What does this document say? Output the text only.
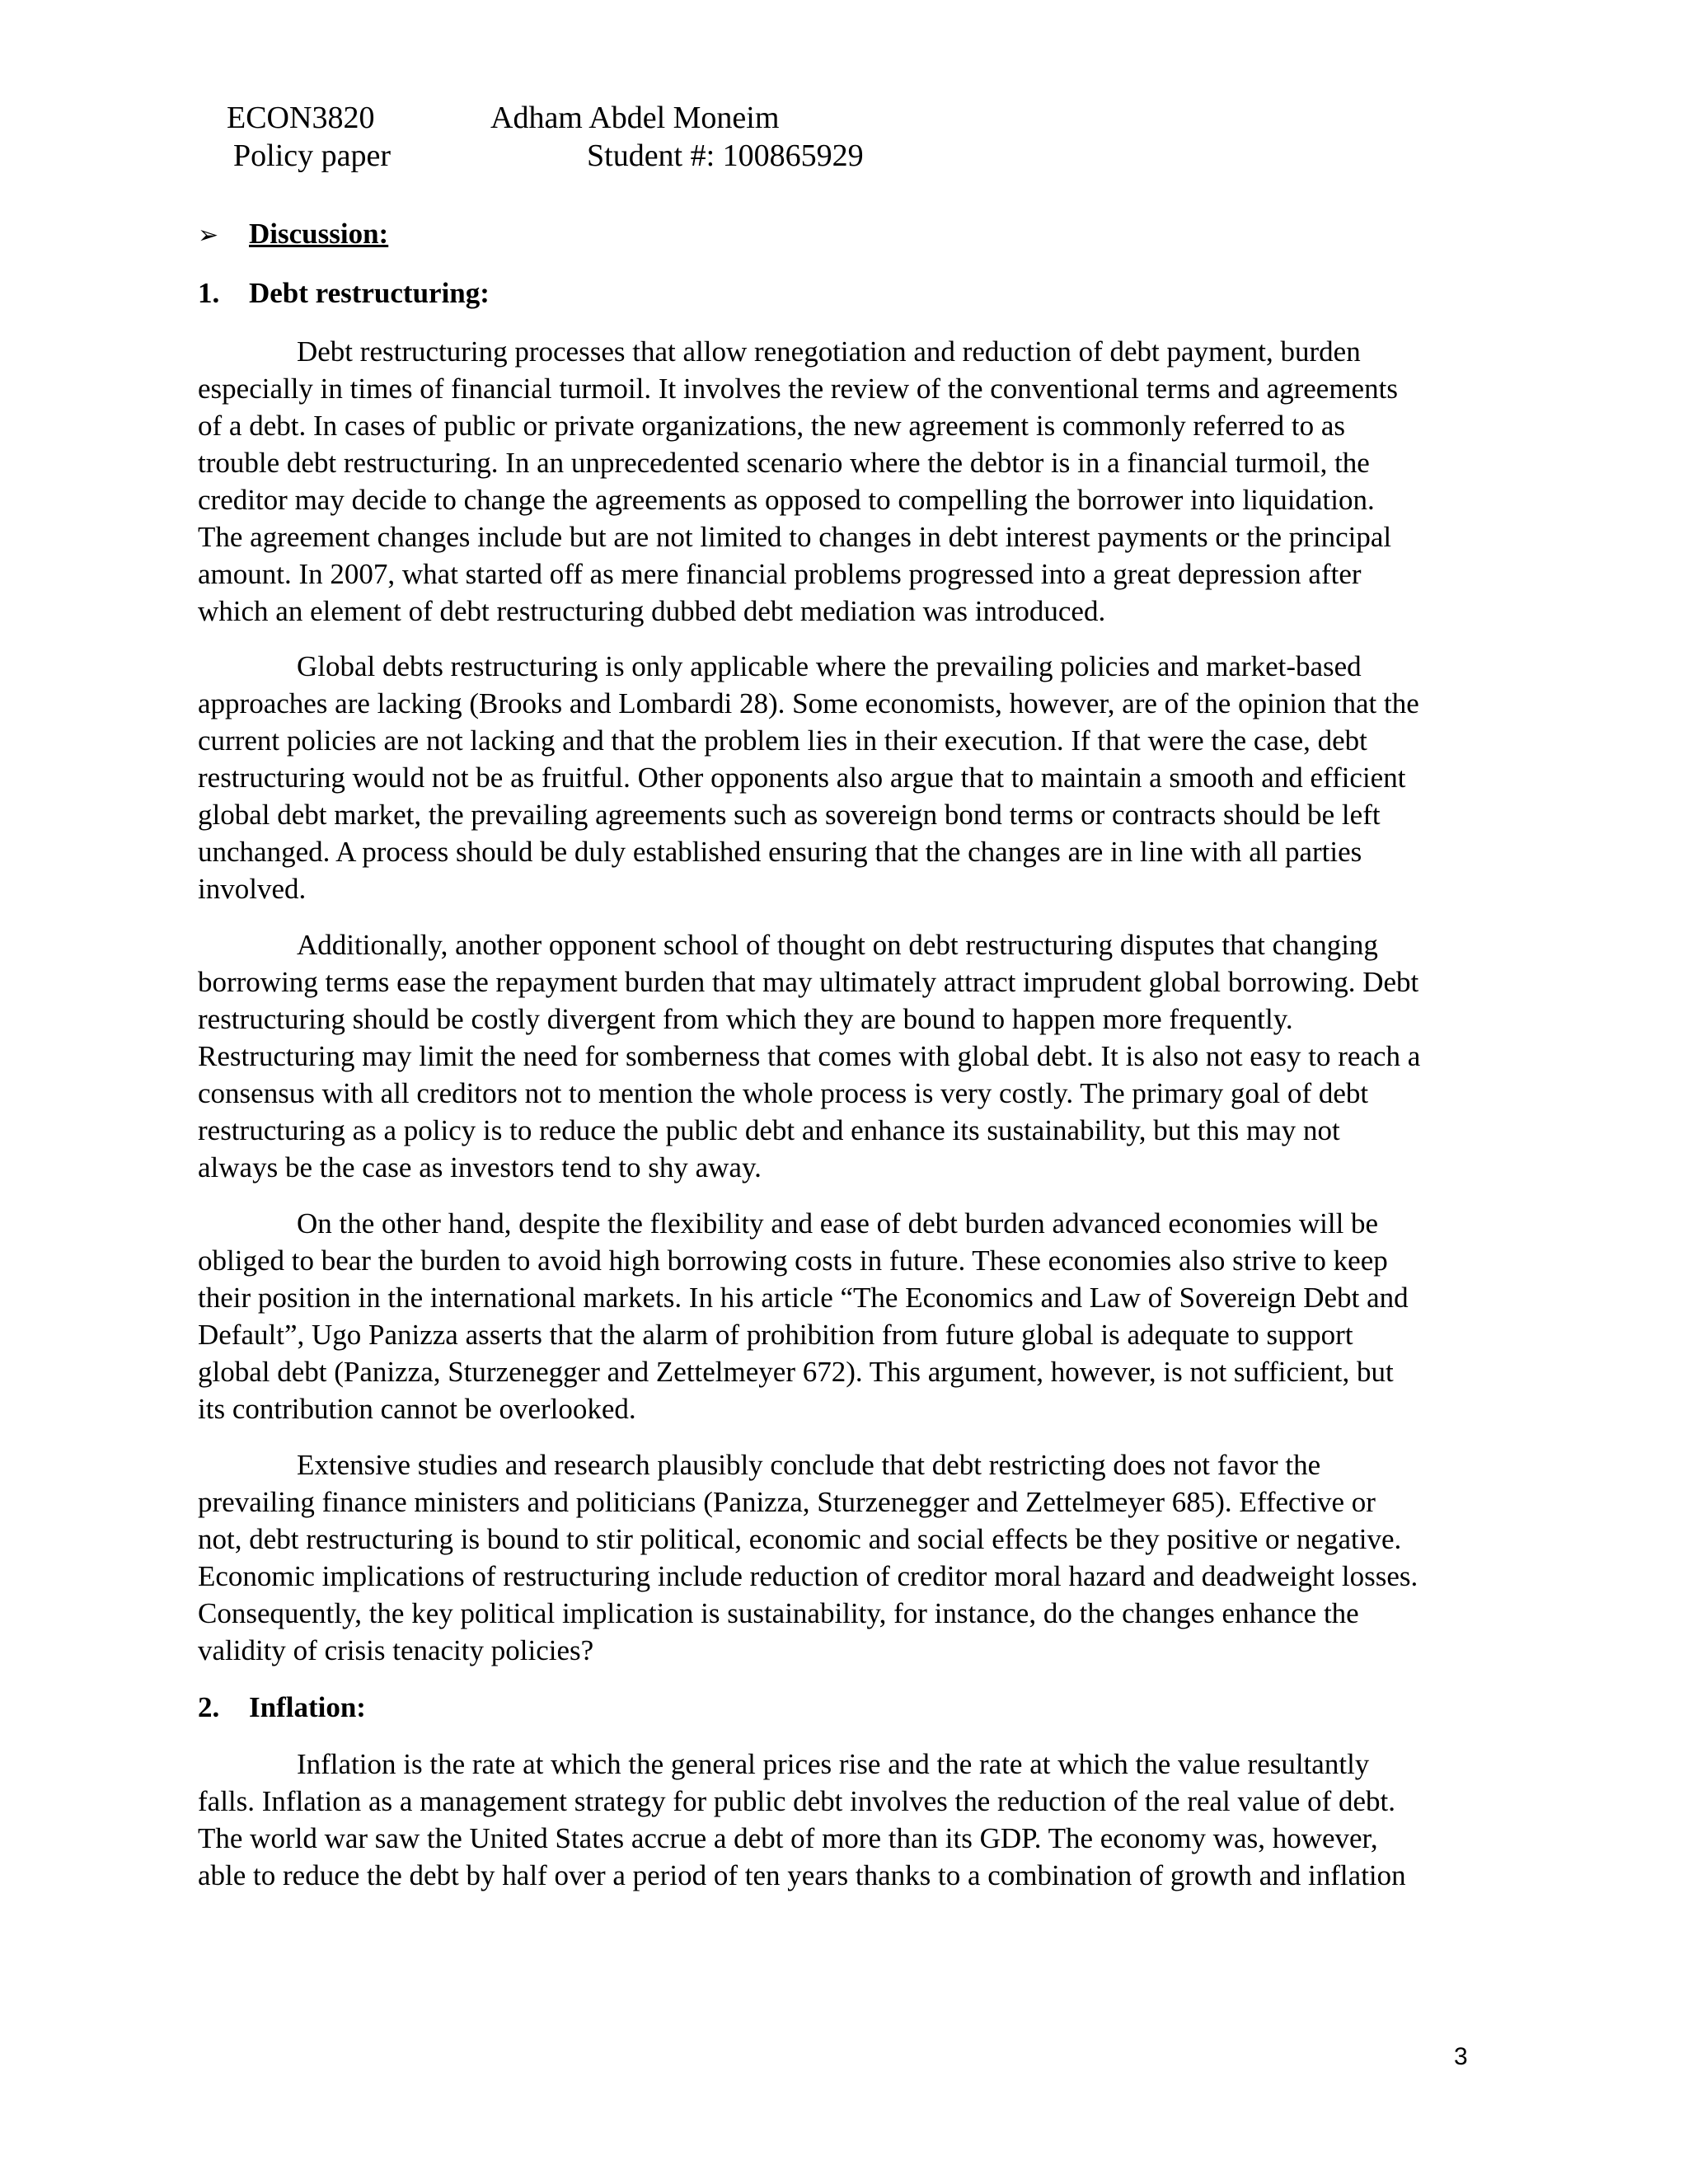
ECON3820	Adham Abdel Moneim
Policy paper	Student #: 100865929
➢ Discussion:
1. Debt restructuring:

Debt restructuring processes that allow renegotiation and reduction of debt payment, burden
especially in times of financial turmoil. It involves the review of the conventional terms and agreements
of a debt. In cases of public or private organizations, the new agreement is commonly referred to as
trouble debt restructuring. In an unprecedented scenario where the debtor is in a financial turmoil, the
creditor may decide to change the agreements as opposed to compelling the borrower into liquidation.
The agreement changes include but are not limited to changes in debt interest payments or the principal
amount. In 2007, what started off as mere financial problems progressed into a great depression after
which an element of debt restructuring dubbed debt mediation was introduced.

Global debts restructuring is only applicable where the prevailing policies and market-based
approaches are lacking (Brooks and Lombardi 28). Some economists, however, are of the opinion that the
current policies are not lacking and that the problem lies in their execution. If that were the case, debt
restructuring would not be as fruitful. Other opponents also argue that to maintain a smooth and efficient
global debt market, the prevailing agreements such as sovereign bond terms or contracts should be left
unchanged. A process should be duly established ensuring that the changes are in line with all parties
involved.

Additionally, another opponent school of thought on debt restructuring disputes that changing
borrowing terms ease the repayment burden that may ultimately attract imprudent global borrowing. Debt
restructuring should be costly divergent from which they are bound to happen more frequently.
Restructuring may limit the need for somberness that comes with global debt. It is also not easy to reach a
consensus with all creditors not to mention the whole process is very costly. The primary goal of debt
restructuring as a policy is to reduce the public debt and enhance its sustainability, but this may not
always be the case as investors tend to shy away.

On the other hand, despite the flexibility and ease of debt burden advanced economies will be
obliged to bear the burden to avoid high borrowing costs in future. These economies also strive to keep
their position in the international markets. In his article “The Economics and Law of Sovereign Debt and
Default”, Ugo Panizza asserts that the alarm of prohibition from future global is adequate to support
global debt (Panizza, Sturzenegger and Zettelmeyer 672). This argument, however, is not sufficient, but
its contribution cannot be overlooked.

Extensive studies and research plausibly conclude that debt restricting does not favor the
prevailing finance ministers and politicians (Panizza, Sturzenegger and Zettelmeyer 685). Effective or
not, debt restructuring is bound to stir political, economic and social effects be they positive or negative.
Economic implications of restructuring include reduction of creditor moral hazard and deadweight losses.
Consequently, the key political implication is sustainability, for instance, do the changes enhance the
validity of crisis tenacity policies?

2. Inflation:

Inflation is the rate at which the general prices rise and the rate at which the value resultantly
falls. Inflation as a management strategy for public debt involves the reduction of the real value of debt.
The world war saw the United States accrue a debt of more than its GDP. The economy was, however,
able to reduce the debt by half over a period of ten years thanks to a combination of growth and inflation

3
